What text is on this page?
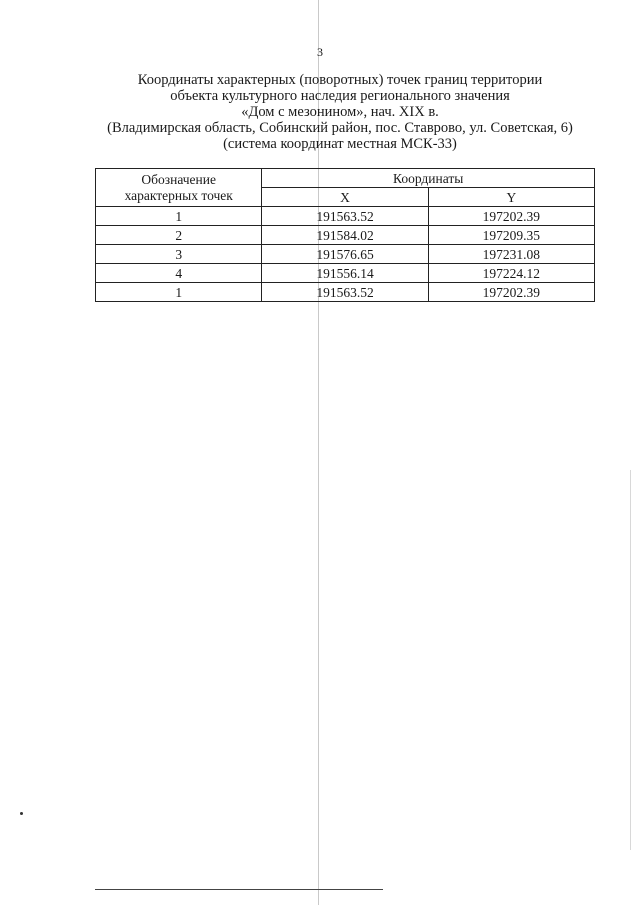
3
Координаты характерных (поворотных) точек границ территории
объекта культурного наследия регионального значения
«Дом с мезонином», нач. XIX в.
(Владимирская область, Собинский район, пос. Ставрово, ул. Советская, 6)
(система координат местная МСК-33)
Обозначение
характерных точек	Координаты	
	X	Y
1	191563.52	197202.39
2	191584.02	197209.35
3	191576.65	197231.08
4	191556.14	197224.12
1	191563.52	197202.39
